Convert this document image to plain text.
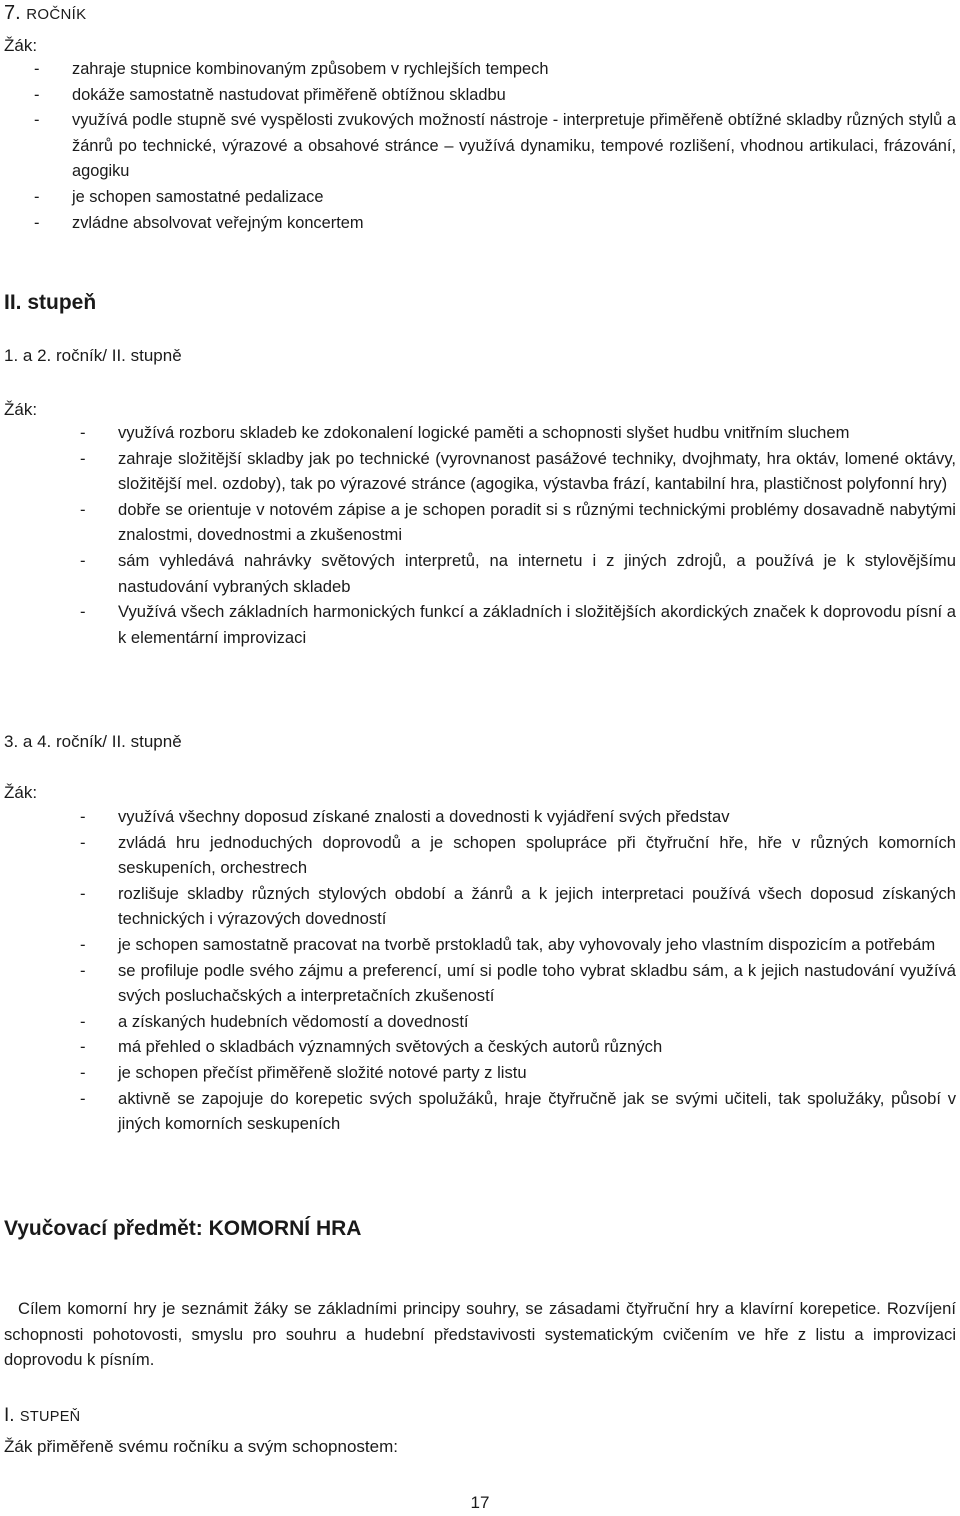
7. ROČNÍK
Žák:
- zahraje stupnice kombinovaným způsobem v rychlejších tempech
- dokáže samostatně nastudovat přiměřeně obtížnou skladbu
- využívá podle stupně své vyspělosti zvukových možností nástroje - interpretuje přiměřeně obtížné skladby různých stylů a žánrů po technické, výrazové a obsahové stránce – využívá dynamiku, tempové rozlišení, vhodnou artikulaci, frázování, agogiku
- je schopen samostatné pedalizace
- zvládne absolvovat veřejným koncertem
II. stupeň
1. a 2. ročník/ II. stupně
Žák:
- využívá rozboru skladeb ke zdokonalení logické paměti a schopnosti slyšet hudbu vnitřním sluchem
- zahraje složitější skladby jak po technické (vyrovnanost pasážové techniky, dvojhmaty, hra oktáv, lomené oktávy, složitější mel. ozdoby), tak po výrazové stránce (agogika, výstavba frází, kantabilní hra, plastičnost polyfonní hry)
- dobře se orientuje v notovém zápise a je schopen poradit si s různými technickými problémy dosavadně nabytými znalostmi, dovednostmi a zkušenostmi
- sám vyhledává nahrávky světových interpretů, na internetu i z jiných zdrojů, a používá je k stylovějšímu nastudování vybraných skladeb
- Využívá všech základních harmonických funkcí a základních i složitějších akordických značek k doprovodu písní a k elementární improvizaci
3. a 4. ročník/ II. stupně
Žák:
- využívá všechny doposud získané znalosti a dovednosti k vyjádření svých představ
- zvládá hru jednoduchých doprovodů a je schopen spolupráce při čtyřruční hře, hře v různých komorních seskupeních, orchestrech
- rozlišuje skladby různých stylových období a žánrů a k jejich interpretaci používá všech doposud získaných technických i výrazových dovedností
- je schopen samostatně pracovat na tvorbě prstokladů tak, aby vyhovovaly jeho vlastním dispozicím a potřebám
- se profiluje podle svého zájmu a preferencí, umí si podle toho vybrat skladbu sám, a k jejich nastudování využívá svých posluchačských a interpretačních zkušeností
- a získaných hudebních vědomostí a dovedností
- má přehled o skladbách významných světových a českých autorů různých
- je schopen přečíst přiměřeně složité notové party z listu
- aktivně se zapojuje do korepetic svých spolužáků, hraje čtyřručně jak se svými učiteli, tak spolužáky, působí v jiných komorních seskupeních
Vyučovací předmět: KOMORNÍ HRA
Cílem komorní hry je seznámit žáky se základními principy souhry, se zásadami čtyřruční hry a klavírní korepetice. Rozvíjení schopnosti pohotovosti, smyslu pro souhru a hudební představivosti systematickým cvičením ve hře z listu a improvizaci doprovodu k písním.
I. STUPEŇ
Žák přiměřeně svému ročníku a svým schopnostem:
17
